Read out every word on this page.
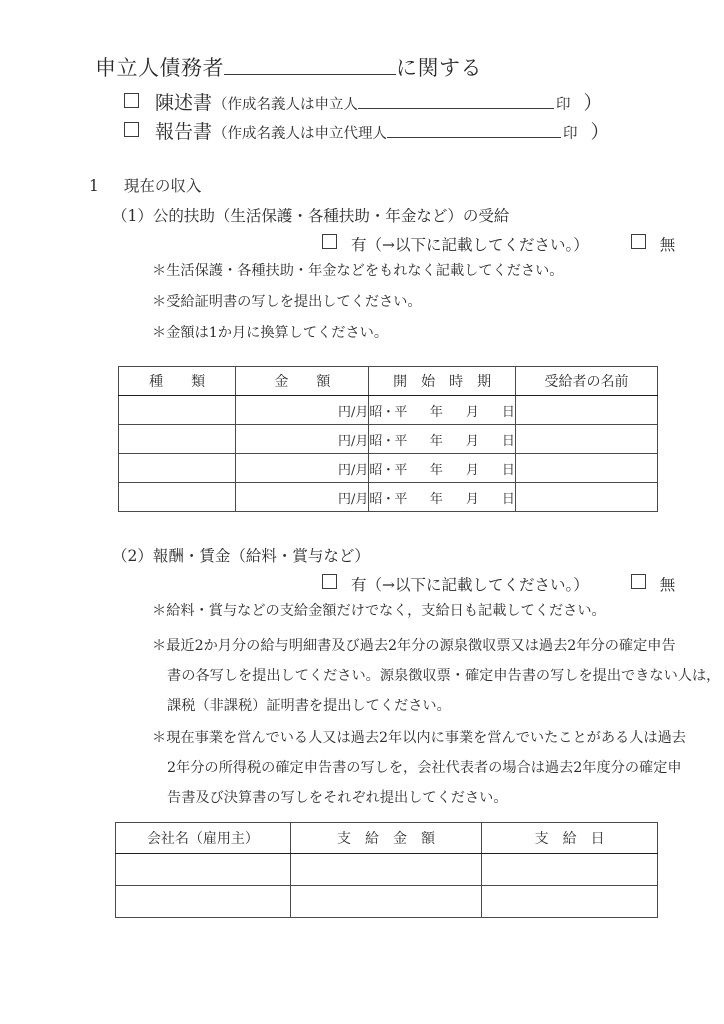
申立人債務者	に関する
陳述書 （ 作成名義人は申立人	印 ）
報告書 （ 作成名義人は申立代理人	印 ）
1 現在の収入
（1）公的扶助（生活保護・各種扶助・年金など）の受給
有（→以下に記載してください。）	無
＊生活保護・各種扶助・年金などをもれなく記載してください。
＊受給証明書の写しを提出してください。
＊金額は1か月に換算してください。
種　類	金　　額	開　始　時　期	受給者の名前
	円/月	昭・平 年 月 日	
	円/月	昭・平 年 月 日	
	円/月	昭・平 年 月 日	
	円/月	昭・平 年 月 日	
（2）報酬・賃金（給料・賞与など）
有（→以下に記載してください。）	無
＊給料・賞与などの支給金額だけでなく，支給日も記載してください。
＊最近2か月分の給与明細書及び過去2年分の源泉徴収票又は過去2年分の確定申告
書の各写しを提出してください。源泉徴収票・確定申告書の写しを提出できない人は，
課税（非課税）証明書を提出してください。
＊現在事業を営んでいる人又は過去2年以内に事業を営んでいたことがある人は過去
2年分の所得税の確定申告書の写しを，会社代表者の場合は過去2年度分の確定申
告書及び決算書の写しをそれぞれ提出してください。
会社名（雇用主）	支　給　金　額	支　給　日
